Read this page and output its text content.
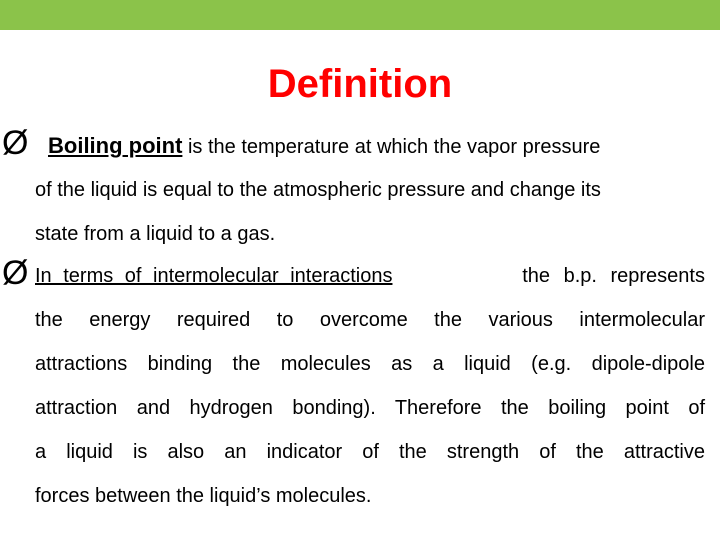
Definition
Ø Boiling point is the temperature at which the vapor pressure
of the liquid is equal to the atmospheric pressure and change its
state from a liquid to a gas.
Ø In terms of intermolecular interactions	the b.p. represents
the energy required to overcome the various intermolecular
attractions binding the molecules as a liquid (e.g. dipole-dipole
attraction and hydrogen bonding). Therefore the boiling point of
a liquid is also an indicator of the strength of the attractive
forces between the liquid’s molecules.
